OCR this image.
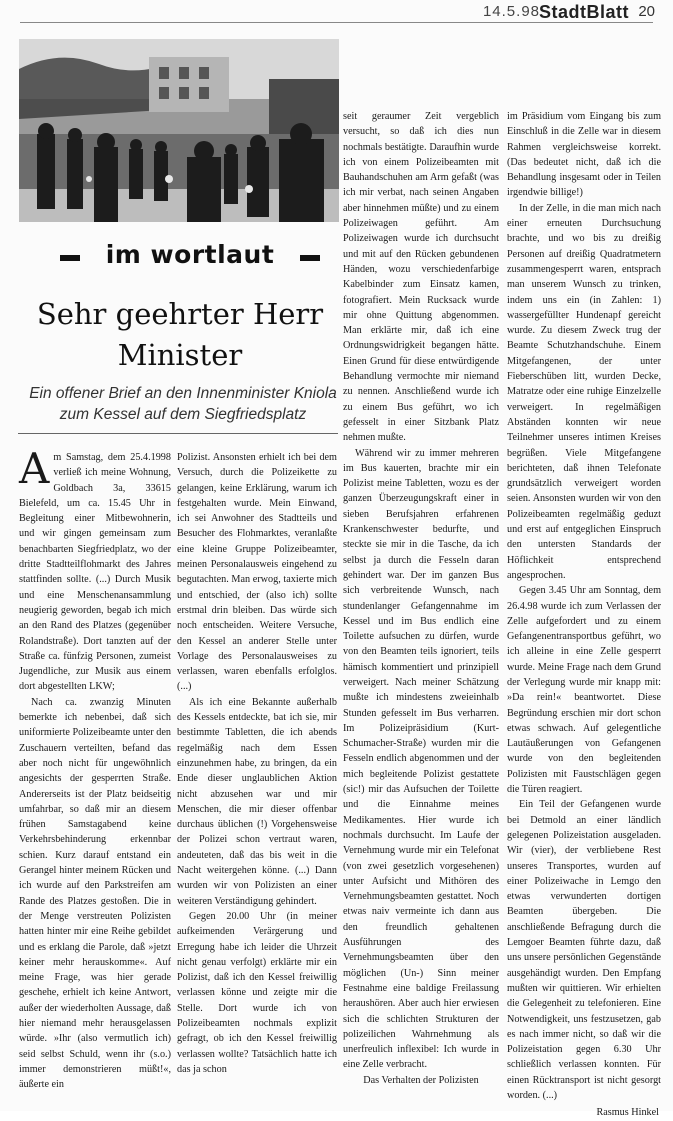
14.5.98 StadtBlatt 20
im wortlaut
Sehr geehrter Herr
Minister
Ein offener Brief an den Innenminister Kniola
zum Kessel auf dem Siegfriedsplatz

Am Samstag, dem 25.4.1998 verließ ich meine Wohnung, Goldbach 3a, 33615 Bielefeld, um ca. 15.45 Uhr in Begleitung einer Mitbewohnerin, und wir gingen gemeinsam zum benachbarten Siegfriedplatz, wo der dritte Stadtteilflohmarkt des Jahres stattfinden sollte. (...) Durch Musik und eine Menschenansammlung neugierig geworden, begab ich mich an den Rand des Platzes (gegenüber Rolandstraße). Dort tanzten auf der Straße ca. fünfzig Personen, zumeist Jugendliche, zur Musik aus einem dort abgestellten LKW;

Nach ca. zwanzig Minuten bemerkte ich nebenbei, daß sich uniformierte Polizeibeamte unter den Zuschauern verteilten, befand das aber noch nicht für ungewöhnlich angesichts der gesperrten Straße. Andererseits ist der Platz beidseitig umfahrbar, so daß mir an diesem frühen Samstagabend keine Verkehrsbehinderung erkennbar schien. Kurz darauf entstand ein Gerangel hinter meinem Rücken und ich wurde auf den Parkstreifen am Rande des Platzes gestoßen. Die in der Menge verstreuten Polizisten hatten hinter mir eine Reihe gebildet und es erklang die Parole, daß »jetzt keiner mehr herauskomme«. Auf meine Frage, was hier gerade geschehe, erhielt ich keine Antwort, außer der wiederholten Aussage, daß hier niemand mehr herausgelassen würde. »Ihr (also vermutlich ich) seid selbst Schuld, wenn ihr (s.o.) immer demonstrieren müßt!«, äußerte ein

Polizist. Ansonsten erhielt ich bei dem Versuch, durch die Polizeikette zu gelangen, keine Erklärung, warum ich festgehalten wurde. Mein Einwand, ich sei Anwohner des Stadtteils und Besucher des Flohmarktes, veranlaßte eine kleine Gruppe Polizeibeamter, meinen Personalausweis eingehend zu begutachten. Man erwog, taxierte mich und entschied, der (also ich) sollte erstmal drin bleiben. Das würde sich noch entscheiden. Weitere Versuche, den Kessel an anderer Stelle unter Vorlage des Personalausweises zu verlassen, waren ebenfalls erfolglos. (...)

Als ich eine Bekannte außerhalb des Kessels entdeckte, bat ich sie, mir bestimmte Tabletten, die ich abends regelmäßig nach dem Essen einzunehmen habe, zu bringen, da ein Ende dieser unglaublichen Aktion nicht abzusehen war und mir Menschen, die mir dieser offenbar durchaus üblichen (!) Vorgehensweise der Polizei schon vertraut waren, andeuteten, daß das bis weit in die Nacht weitergehen könne. (...) Dann wurden wir von Polizisten an einer weiteren Verständigung gehindert.

Gegen 20.00 Uhr (in meiner aufkeimenden Verärgerung und Erregung habe ich leider die Uhrzeit nicht genau verfolgt) erklärte mir ein Polizist, daß ich den Kessel freiwillig verlassen könne und zeigte mir die Stelle. Dort wurde ich von Polizeibeamten nochmals explizit gefragt, ob ich den Kessel freiwillig verlassen wollte? Tatsächlich hatte ich das ja schon

seit geraumer Zeit vergeblich versucht, so daß ich dies nun nochmals bestätigte. Daraufhin wurde ich von einem Polizeibeamten mit Bauhandschuhen am Arm gefaßt (was ich mir verbat, nach seinen Angaben aber hinnehmen müßte) und zu einem Polizeiwagen geführt. Am Polizeiwagen wurde ich durchsucht und mit auf den Rücken gebundenen Händen, wozu verschiedenfarbige Kabelbinder zum Einsatz kamen, fotografiert. Mein Rucksack wurde mir ohne Quittung abgenommen. Man erklärte mir, daß ich eine Ordnungswidrigkeit begangen hätte. Einen Grund für diese entwürdigende Behandlung vermochte mir niemand zu nennen. Anschließend wurde ich zu einem Bus geführt, wo ich gefesselt in einer Sitzbank Platz nehmen mußte.

Während wir zu immer mehreren im Bus kauerten, brachte mir ein Polizist meine Tabletten, wozu es der ganzen Überzeugungskraft einer in sieben Berufsjahren erfahrenen Krankenschwester bedurfte, und steckte sie mir in die Tasche, da ich selbst ja durch die Fesseln daran gehindert war. Der im ganzen Bus sich verbreitende Wunsch, nach stundenlanger Gefangennahme im Kessel und im Bus endlich eine Toilette aufsuchen zu dürfen, wurde von den Beamten teils ignoriert, teils hämisch kommentiert und prinzipiell verweigert. Nach meiner Schätzung mußte ich mindestens zweieinhalb Stunden gefesselt im Bus verharren. Im Polizeipräsidium (Kurt-Schumacher-Straße) wurden mir die Fesseln endlich abgenommen und der mich begleitende Polizist gestattete (sic!) mir das Aufsuchen der Toilette und die Einnahme meines Medikamentes. Hier wurde ich nochmals durchsucht. Im Laufe der Vernehmung wurde mir ein Telefonat (von zwei gesetzlich vorgesehenen) unter Aufsicht und Mithören des Vernehmungsbeamten gestattet. Noch etwas naiv vermeinte ich dann aus den freundlich gehaltenen Ausführungen des Vernehmungsbeamten über den möglichen (Un-) Sinn meiner Festnahme eine baldige Freilassung heraushören. Aber auch hier erwiesen sich die schlichten Strukturen der polizeilichen Wahrnehmung als unerfreulich inflexibel: Ich wurde in eine Zelle verbracht.

Das Verhalten der Polizisten

im Präsidium vom Eingang bis zum Einschluß in die Zelle war in diesem Rahmen vergleichsweise korrekt. (Das bedeutet nicht, daß ich die Behandlung insgesamt oder in Teilen irgendwie billige!)

In der Zelle, in die man mich nach einer erneuten Durchsuchung brachte, und wo bis zu dreißig Personen auf dreißig Quadratmetern zusammengesperrt waren, entsprach man unserem Wunsch zu trinken, indem uns ein (in Zahlen: 1) wassergefüllter Hundenapf gereicht wurde. Zu diesem Zweck trug der Beamte Schutzhandschuhe. Einem Mitgefangenen, der unter Fieberschüben litt, wurden Decke, Matratze oder eine ruhige Einzelzelle verweigert. In regelmäßigen Abständen konnten wir neue Teilnehmer unseres intimen Kreises begrüßen. Viele Mitgefangene berichteten, daß ihnen Telefonate grundsätzlich verweigert worden seien. Ansonsten wurden wir von den Polizeibeamten regelmäßig geduzt und erst auf entgeglichen Einspruch den untersten Standards der Höflichkeit entsprechend angesprochen.

Gegen 3.45 Uhr am Sonntag, dem 26.4.98 wurde ich zum Verlassen der Zelle aufgefordert und zu einem Gefangenentransportbus geführt, wo ich alleine in eine Zelle gesperrt wurde. Meine Frage nach dem Grund der Verlegung wurde mir knapp mit: »Da rein!« beantwortet. Diese Begründung erschien mir dort schon etwas schwach. Auf gelegentliche Lautäußerungen von Gefangenen wurde von den begleitenden Polizisten mit Faustschlägen gegen die Türen reagiert.

Ein Teil der Gefangenen wurde bei Detmold an einer ländlich gelegenen Polizeistation ausgeladen. Wir (vier), der verbliebene Rest unseres Transportes, wurden auf einer Polizeiwache in Lemgo den etwas verwunderten dortigen Beamten übergeben. Die anschließende Befragung durch die Lemgoer Beamten führte dazu, daß uns unsere persönlichen Gegenstände ausgehändigt wurden. Den Empfang mußten wir quittieren. Wir erhielten die Gelegenheit zu telefonieren. Eine Notwendigkeit, uns festzusetzen, gab es nach immer nicht, so daß wir die Polizeistation gegen 6.30 Uhr schließlich verlassen konnten. Für einen Rücktransport ist nicht gesorgt worden. (...)

Rasmus Hinkel
